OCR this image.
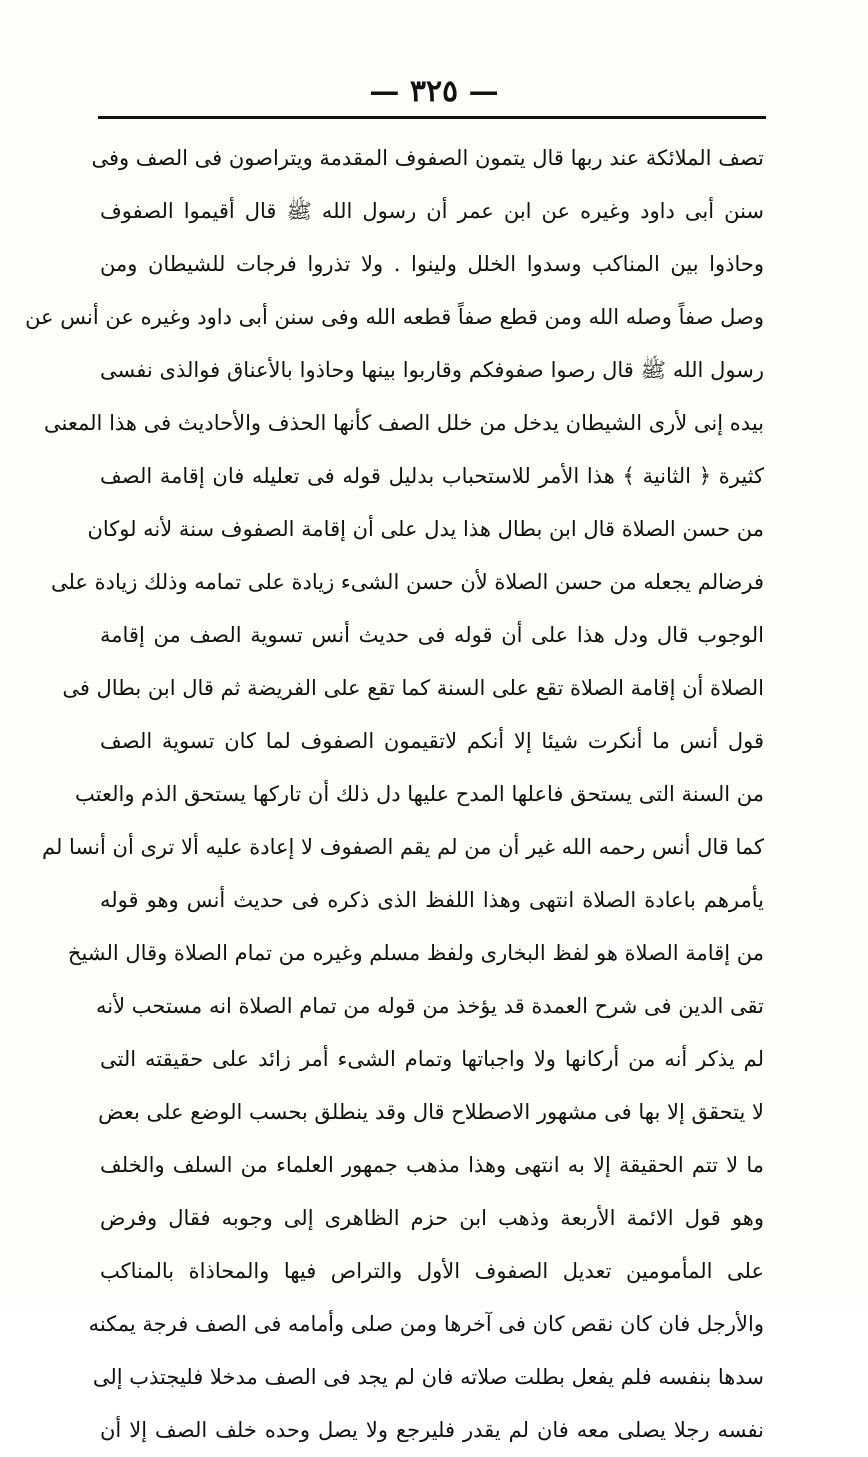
— ٣٢٥ —
تصف الملائكة عند ربها قال يتمون الصفوف المقدمة ويتراصون فى الصف وفى
سنن أبى داود وغيره عن ابن عمر أن رسول الله ﷺ قال أقيموا الصفوف
وحاذوا بين المناكب وسدوا الخلل ولينوا . ولا تذروا فرجات للشيطان ومن
وصل صفاً وصله الله ومن قطع صفاً قطعه الله وفى سنن أبى داود وغيره عن أنس عن
رسول الله ﷺ قال رصوا صفوفكم وقاربوا بينها وحاذوا بالأعناق فوالذى نفسى
بيده إنى لأرى الشيطان يدخل من خلل الصف كأنها الحذف والأحاديث فى هذا المعنى
كثيرة ﴿ الثانية ﴾ هذا الأمر للاستحباب بدليل قوله فى تعليله فان إقامة الصف
من حسن الصلاة قال ابن بطال هذا يدل على أن إقامة الصفوف سنة لأنه لوكان
فرضالم يجعله من حسن الصلاة لأن حسن الشىء زيادة على تمامه وذلك زيادة على
الوجوب قال ودل هذا على أن قوله فى حديث أنس تسوية الصف من إقامة
الصلاة أن إقامة الصلاة تقع على السنة كما تقع على الفريضة ثم قال ابن بطال فى
قول أنس ما أنكرت شيئا إلا أنكم لاتقيمون الصفوف لما كان تسوية الصف
من السنة التى يستحق فاعلها المدح عليها دل ذلك أن تاركها يستحق الذم والعتب
كما قال أنس رحمه الله غير أن من لم يقم الصفوف لا إعادة عليه ألا ترى أن أنسا لم
يأمرهم باعادة الصلاة انتهى وهذا اللفظ الذى ذكره فى حديث أنس وهو قوله
من إقامة الصلاة هو لفظ البخارى ولفظ مسلم وغيره من تمام الصلاة وقال الشيخ
تقى الدين فى شرح العمدة قد يؤخذ من قوله من تمام الصلاة انه مستحب لأنه
لم يذكر أنه من أركانها ولا واجباتها وتمام الشىء أمر زائد على حقيقته التى
لا يتحقق إلا بها فى مشهور الاصطلاح قال وقد ينطلق بحسب الوضع على بعض
ما لا تتم الحقيقة إلا به انتهى وهذا مذهب جمهور العلماء من السلف والخلف
وهو قول الائمة الأربعة وذهب ابن حزم الظاهرى إلى وجوبه فقال وفرض
على المأمومين تعديل الصفوف الأول والتراص فيها والمحاذاة بالمناكب
والأرجل فان كان نقص كان فى آخرها ومن صلى وأمامه فى الصف فرجة يمكنه
سدها بنفسه فلم يفعل بطلت صلاته فان لم يجد فى الصف مدخلا فليجتذب إلى
نفسه رجلا يصلى معه فان لم يقدر فليرجع ولا يصل وحده خلف الصف إلا أن
